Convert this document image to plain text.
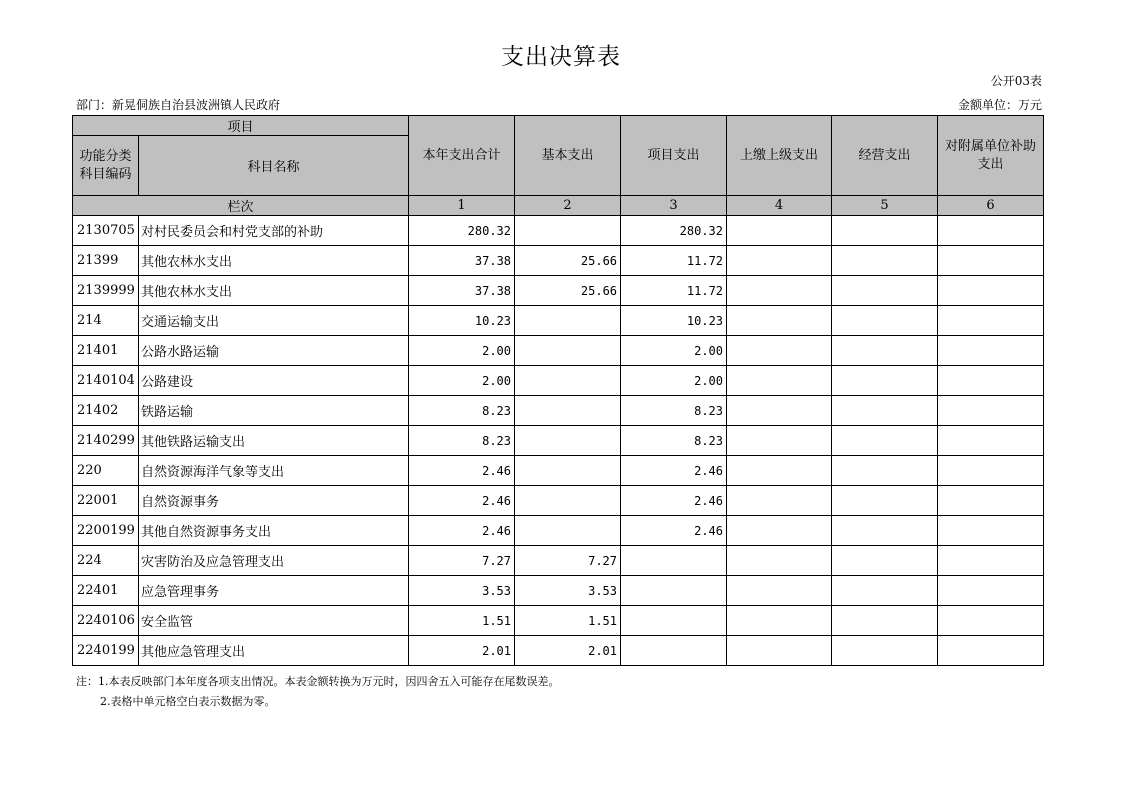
支出决算表
公开03表
部门：新晃侗族自治县波洲镇人民政府	金额单位：万元
项目		本年支出合计	基本支出	项目支出	上缴上级支出	经营支出	对附属单位补助支出
功能分类 科目编码	科目名称						
栏次		1	2	3	4	5	6
2130705	对村民委员会和村党支部的补助	280.32		280.32			
21399	其他农林水支出	37.38	25.66	11.72			
2139999	其他农林水支出	37.38	25.66	11.72			
214	交通运输支出	10.23		10.23			
21401	公路水路运输	2.00		2.00			
2140104	公路建设	2.00		2.00			
21402	铁路运输	8.23		8.23			
2140299	其他铁路运输支出	8.23		8.23			
220	自然资源海洋气象等支出	2.46		2.46			
22001	自然资源事务	2.46		2.46			
2200199	其他自然资源事务支出	2.46		2.46			
224	灾害防治及应急管理支出	7.27	7.27				
22401	应急管理事务	3.53	3.53				
2240106	安全监管	1.51	1.51				
2240199	其他应急管理支出	2.01	2.01				
注：1.本表反映部门本年度各项支出情况。本表金额转换为万元时，因四舍五入可能存在尾数误差。
2.表格中单元格空白表示数据为零。
